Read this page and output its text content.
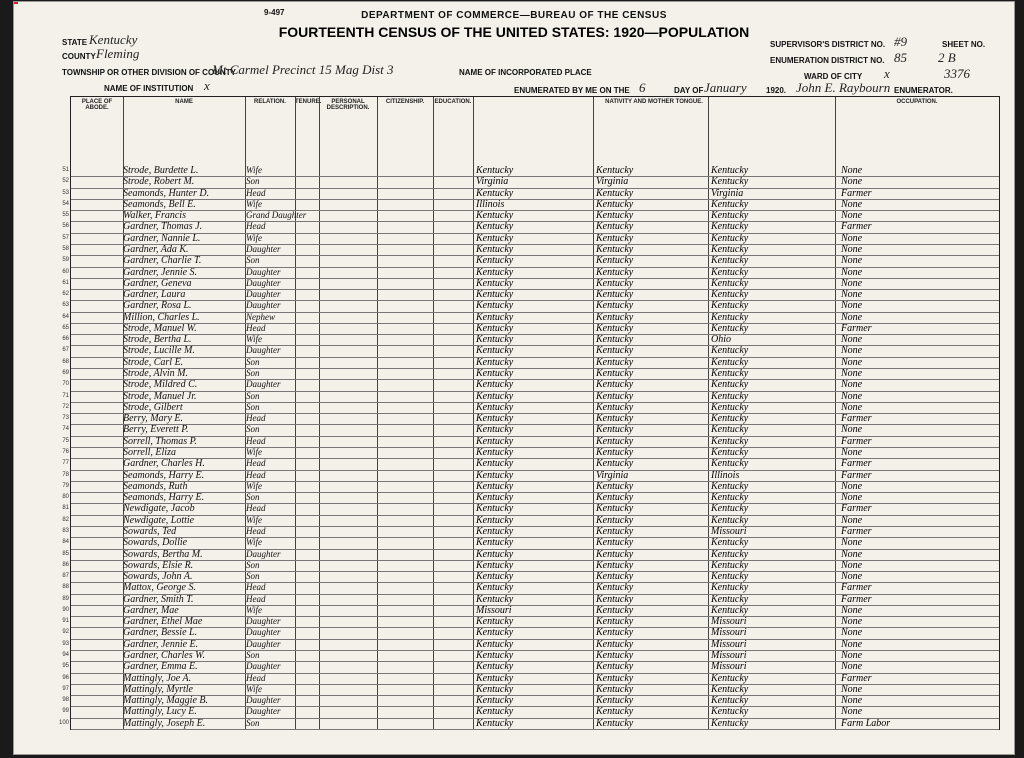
9-497	DEPARTMENT OF COMMERCE—BUREAU OF THE CENSUS
FOURTEENTH CENSUS OF THE UNITED STATES: 1920—POPULATION
STATE Kentucky
COUNTY Fleming
TOWNSHIP OR OTHER DIVISION OF COUNTY
Mt Carmel Precinct 15 Mag Dist 3
NAME OF INSTITUTION x
NAME OF INCORPORATED PLACE
ENUMERATED BY ME ON THE 6	DAY OF January 1920. John E. Raybourn ENUMERATOR.
SUPERVISOR'S DISTRICT NO. #9
ENUMERATION DISTRICT NO. 85
WARD OF CITY x
SHEET NO.
2 B
3376
PLACE OF ABODE.
NAME	RELATION.	TENURE.	PERSONAL DESCRIPTION.
CITIZENSHIP.	EDUCATION.	NATIVITY AND MOTHER TONGUE.	OCCUPATION.
51	Strode, Burdette L.	Wife	Kentucky	Kentucky	Kentucky	None
52	Strode, Robert M.	Son	Virginia	Virginia	Kentucky	None
53	Seamonds, Hunter D.	Head	Kentucky	Kentucky	Virginia	Farmer
54	Seamonds, Bell E.	Wife	Illinois	Kentucky	Kentucky	None
55	Walker, Francis	Grand Daughter	Kentucky	Kentucky	Kentucky	None
56	Gardner, Thomas J.	Head	Kentucky	Kentucky	Kentucky	Farmer
57	Gardner, Nannie L.	Wife	Kentucky	Kentucky	Kentucky	None
58	Gardner, Ada K.	Daughter	Kentucky	Kentucky	Kentucky	None
59	Gardner, Charlie T.	Son	Kentucky	Kentucky	Kentucky	None
60	Gardner, Jennie S.	Daughter	Kentucky	Kentucky	Kentucky	None
61	Gardner, Geneva	Daughter	Kentucky	Kentucky	Kentucky	None
62	Gardner, Laura	Daughter	Kentucky	Kentucky	Kentucky	None
63	Gardner, Rosa L.	Daughter	Kentucky	Kentucky	Kentucky	None
64	Million, Charles L.	Nephew	Kentucky	Kentucky	Kentucky	None
65	Strode, Manuel W.	Head	Kentucky	Kentucky	Kentucky	Farmer
66	Strode, Bertha L.	Wife	Kentucky	Kentucky	Ohio	None
67	Strode, Lucille M.	Daughter	Kentucky	Kentucky	Kentucky	None
68	Strode, Carl E.	Son	Kentucky	Kentucky	Kentucky	None
69	Strode, Alvin M.	Son	Kentucky	Kentucky	Kentucky	None
70	Strode, Mildred C.	Daughter	Kentucky	Kentucky	Kentucky	None
71	Strode, Manuel Jr.	Son	Kentucky	Kentucky	Kentucky	None
72	Strode, Gilbert	Son	Kentucky	Kentucky	Kentucky	None
73	Berry, Mary E.	Head	Kentucky	Kentucky	Kentucky	Farmer
74	Berry, Everett P.	Son	Kentucky	Kentucky	Kentucky	None
75	Sorrell, Thomas P.	Head	Kentucky	Kentucky	Kentucky	Farmer
76	Sorrell, Eliza	Wife	Kentucky	Kentucky	Kentucky	None
77	Gardner, Charles H.	Head	Kentucky	Kentucky	Kentucky	Farmer
78	Seamonds, Harry E.	Head	Kentucky	Virginia	Illinois	Farmer
79	Seamonds, Ruth	Wife	Kentucky	Kentucky	Kentucky	None
80	Seamonds, Harry E.	Son	Kentucky	Kentucky	Kentucky	None
81	Newdigate, Jacob	Head	Kentucky	Kentucky	Kentucky	Farmer
82	Newdigate, Lottie	Wife	Kentucky	Kentucky	Kentucky	None
83	Sowards, Ted	Head	Kentucky	Kentucky	Missouri	Farmer
84	Sowards, Dollie	Wife	Kentucky	Kentucky	Kentucky	None
85	Sowards, Bertha M.	Daughter	Kentucky	Kentucky	Kentucky	None
86	Sowards, Elsie R.	Son	Kentucky	Kentucky	Kentucky	None
87	Sowards, John A.	Son	Kentucky	Kentucky	Kentucky	None
88	Mattox, George S.	Head	Kentucky	Kentucky	Kentucky	Farmer
89	Gardner, Smith T.	Head	Kentucky	Kentucky	Kentucky	Farmer
90	Gardner, Mae	Wife	Missouri	Kentucky	Kentucky	None
91	Gardner, Ethel Mae	Daughter	Kentucky	Kentucky	Missouri	None
92	Gardner, Bessie L.	Daughter	Kentucky	Kentucky	Missouri	None
93	Gardner, Jennie E.	Daughter	Kentucky	Kentucky	Missouri	None
94	Gardner, Charles W.	Son	Kentucky	Kentucky	Missouri	None
95	Gardner, Emma E.	Daughter	Kentucky	Kentucky	Missouri	None
96	Mattingly, Joe A.	Head	Kentucky	Kentucky	Kentucky	Farmer
97	Mattingly, Myrtle	Wife	Kentucky	Kentucky	Kentucky	None
98	Mattingly, Maggie B.	Daughter	Kentucky	Kentucky	Kentucky	None
99	Mattingly, Lucy E.	Daughter	Kentucky	Kentucky	Kentucky	None
100	Mattingly, Joseph E.	Son	Kentucky	Kentucky	Kentucky	Farm Labor
